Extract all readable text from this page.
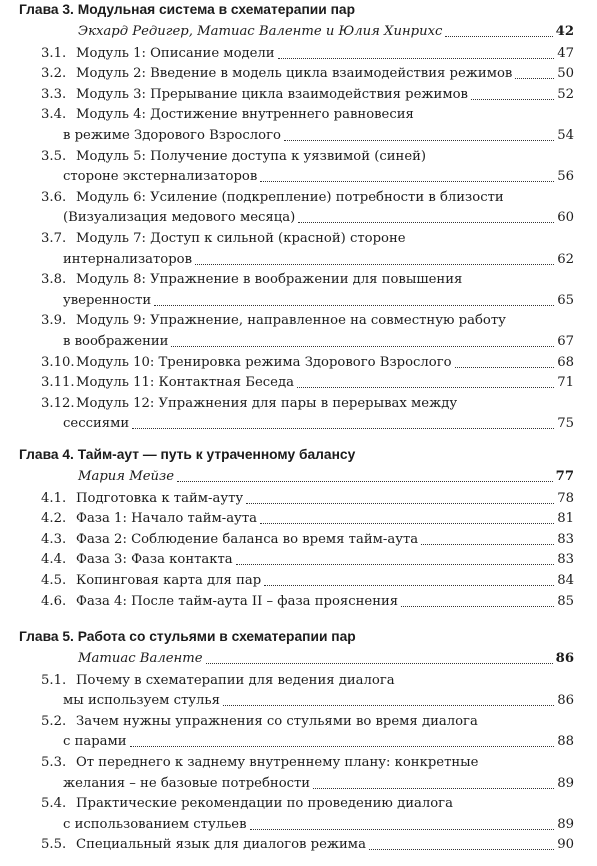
Глава 3. Модульная система в схематерапии пар
Экхард Редигер, Матиас Валенте и Юлия Хинрихс	42
3.1. Модуль 1: Описание модели	47
3.2. Модуль 2: Введение в модель цикла взаимодействия режимов	50
3.3. Модуль 3: Прерывание цикла взаимодействия режимов	52
3.4. Модуль 4: Достижение внутреннего равновесия
в режиме Здорового Взрослого	54
3.5. Модуль 5: Получение доступа к уязвимой (синей)
стороне экстернализаторов	56
3.6. Модуль 6: Усиление (подкрепление) потребности в близости
(Визуализация медового месяца)	60
3.7. Модуль 7: Доступ к сильной (красной) стороне
интернализаторов	62
3.8. Модуль 8: Упражнение в воображении для повышения
уверенности	65
3.9. Модуль 9: Упражнение, направленное на совместную работу
в воображении	67
3.10. Модуль 10: Тренировка режима Здорового Взрослого	68
3.11. Модуль 11: Контактная Беседа	71
3.12. Модуль 12: Упражнения для пары в перерывах между
сессиями	75
Глава 4. Тайм-аут — путь к утраченному балансу
Мария Мейзе	77
4.1. Подготовка к тайм-ауту	78
4.2. Фаза 1: Начало тайм-аута	81
4.3. Фаза 2: Соблюдение баланса во время тайм-аута	83
4.4. Фаза 3: Фаза контакта	83
4.5. Копинговая карта для пар	84
4.6. Фаза 4: После тайм-аута II – фаза прояснения	85
Глава 5. Работа со стульями в схематерапии пар
Матиас Валенте	86
5.1. Почему в схематерапии для ведения диалога
мы используем стулья	86
5.2. Зачем нужны упражнения со стульями во время диалога
с парами	88
5.3. От переднего к заднему внутреннему плану: конкретные
желания – не базовые потребности	89
5.4. Практические рекомендации по проведению диалога
с использованием стульев	89
5.5. Специальный язык для диалогов режима	90
